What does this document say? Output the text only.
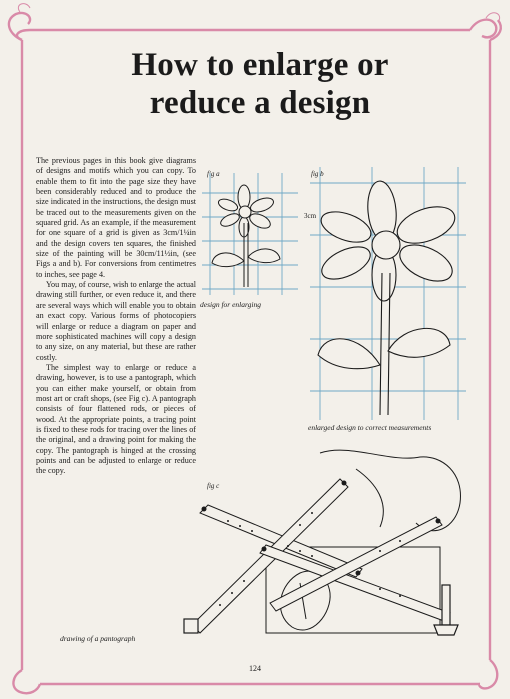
How to enlarge or
reduce a design

The previous pages in this book give diagrams of designs and motifs which you can copy. To enable them to fit into the page size they have been considerably reduced and to produce the size indicated in the instructions, the design must be traced out to the measurements given on the squared grid. As an example, if the measurement for one square of a grid is given as 3cm/1¼in and the design covers ten squares, the finished size of the painting will be 30cm/11½in, (see Figs a and b). For conversions from centimetres to inches, see page 4.

You may, of course, wish to enlarge the actual drawing still further, or even reduce it, and there are several ways which will enable you to obtain an exact copy. Various forms of photocopiers will enlarge or reduce a diagram on paper and more sophisticated machines will copy a design to any size, on any material, but these are rather costly.

The simplest way to enlarge or reduce a drawing, however, is to use a pantograph, which you can either make yourself, or obtain from most art or craft shops, (see Fig c). A pantograph consists of four flattened rods, or pieces of wood. At the appropriate points, a tracing point is fixed to these rods for tracing over the lines of the original, and a drawing point for making the copy. The pantograph is hinged at the crossing points and can be adjusted to enlarge or reduce the copy.

fig a
design for enlarging
fig b
3cm
enlarged design to correct measurements
fig c
drawing of a pantograph
124
